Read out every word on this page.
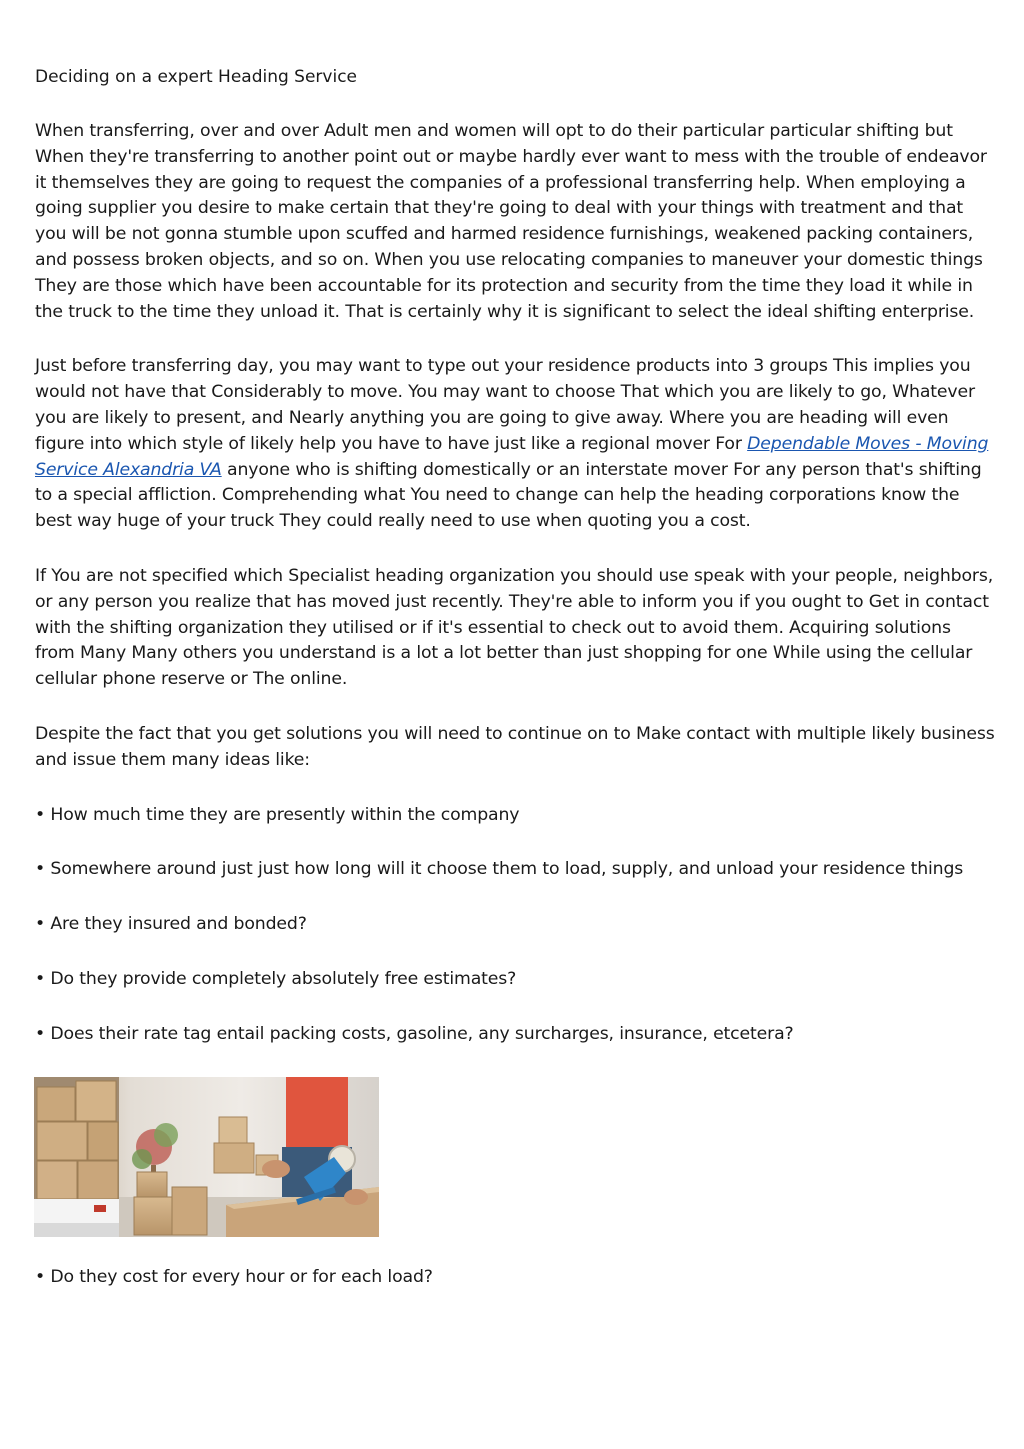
Deciding on a expert Heading Service

When transferring, over and over Adult men and women will opt to do their particular particular shifting but When they're transferring to another point out or maybe hardly ever want to mess with the trouble of endeavor it themselves they are going to request the companies of a professional transferring help. When employing a going supplier you desire to make certain that they're going to deal with your things with treatment and that you will be not gonna stumble upon scuffed and harmed residence furnishings, weakened packing containers, and possess broken objects, and so on. When you use relocating companies to maneuver your domestic things They are those which have been accountable for its protection and security from the time they load it while in the truck to the time they unload it. That is certainly why it is significant to select the ideal shifting enterprise.

Just before transferring day, you may want to type out your residence products into 3 groups This implies you would not have that Considerably to move. You may want to choose That which you are likely to go, Whatever you are likely to present, and Nearly anything you are going to give away. Where you are heading will even figure into which style of likely help you have to have just like a regional mover For Dependable Moves - Moving Service Alexandria VA anyone who is shifting domestically or an interstate mover For any person that's shifting to a special affliction. Comprehending what You need to change can help the heading corporations know the best way huge of your truck They could really need to use when quoting you a cost.

If You are not specified which Specialist heading organization you should use speak with your people, neighbors, or any person you realize that has moved just recently. They're able to inform you if you ought to Get in contact with the shifting organization they utilised or if it's essential to check out to avoid them. Acquiring solutions from Many Many others you understand is a lot a lot better than just shopping for one While using the cellular cellular phone reserve or The online.

Despite the fact that you get solutions you will need to continue on to Make contact with multiple likely business and issue them many ideas like:

• How much time they are presently within the company

• Somewhere around just just how long will it choose them to load, supply, and unload your residence things

• Are they insured and bonded?

• Do they provide completely absolutely free estimates?

• Does their rate tag entail packing costs, gasoline, any surcharges, insurance, etcetera?

• Do they cost for every hour or for each load?
